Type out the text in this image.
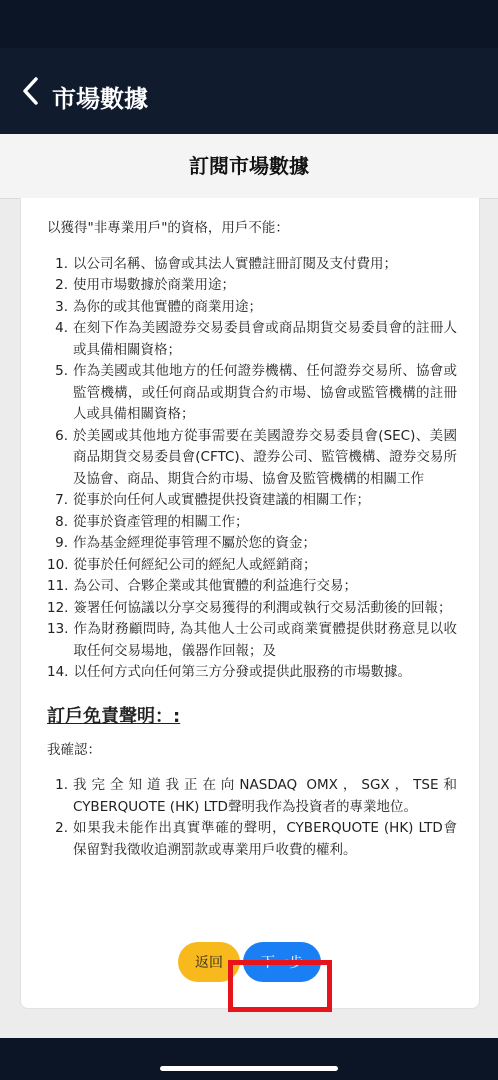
市場數據
訂閱市場數據

以獲得"非專業用戶"的資格，用戶不能：

1. 以公司名稱、協會或其法人實體註冊訂閱及支付費用；
2. 使用市場數據於商業用途；
3. 為你的或其他實體的商業用途；
4. 在刻下作為美國證券交易委員會或商品期貨交易委員會的註冊人或具備相關資格；
5. 作為美國或其他地方的任何證券機構、任何證券交易所、協會或監管機構，或任何商品或期貨合約市場、協會或監管機構的註冊人或具備相關資格；
6. 於美國或其他地方從事需要在美國證券交易委員會(SEC)、美國商品期貨交易委員會(CFTC)、證券公司、監管機構、證券交易所及協會、商品、期貨合約市場、協會及監管機構的相關工作
7. 從事於向任何人或實體提供投資建議的相關工作；
8. 從事於資產管理的相關工作；
9. 作為基金經理從事管理不屬於您的資金；
10. 從事於任何經紀公司的經紀人或經銷商；
11. 為公司、合夥企業或其他實體的利益進行交易；
12. 簽署任何協議以分享交易獲得的利潤或執行交易活動後的回報；
13. 作為財務顧問時, 為其他人士公司或商業實體提供財務意見以收取任何交易場地，儀器作回報；及
14. 以任何方式向任何第三方分發或提供此服務的市場數據。
訂戶免責聲明：:

我確認：

1. 我完全知道我正在向NASDAQ OMX，SGX，TSE和CYBERQUOTE (HK) LTD聲明我作為投資者的專業地位。
2. 如果我未能作出真實準確的聲明，CYBERQUOTE (HK) LTD會保留對我徵收追溯罰款或專業用戶收費的權利。
返回	下一步
